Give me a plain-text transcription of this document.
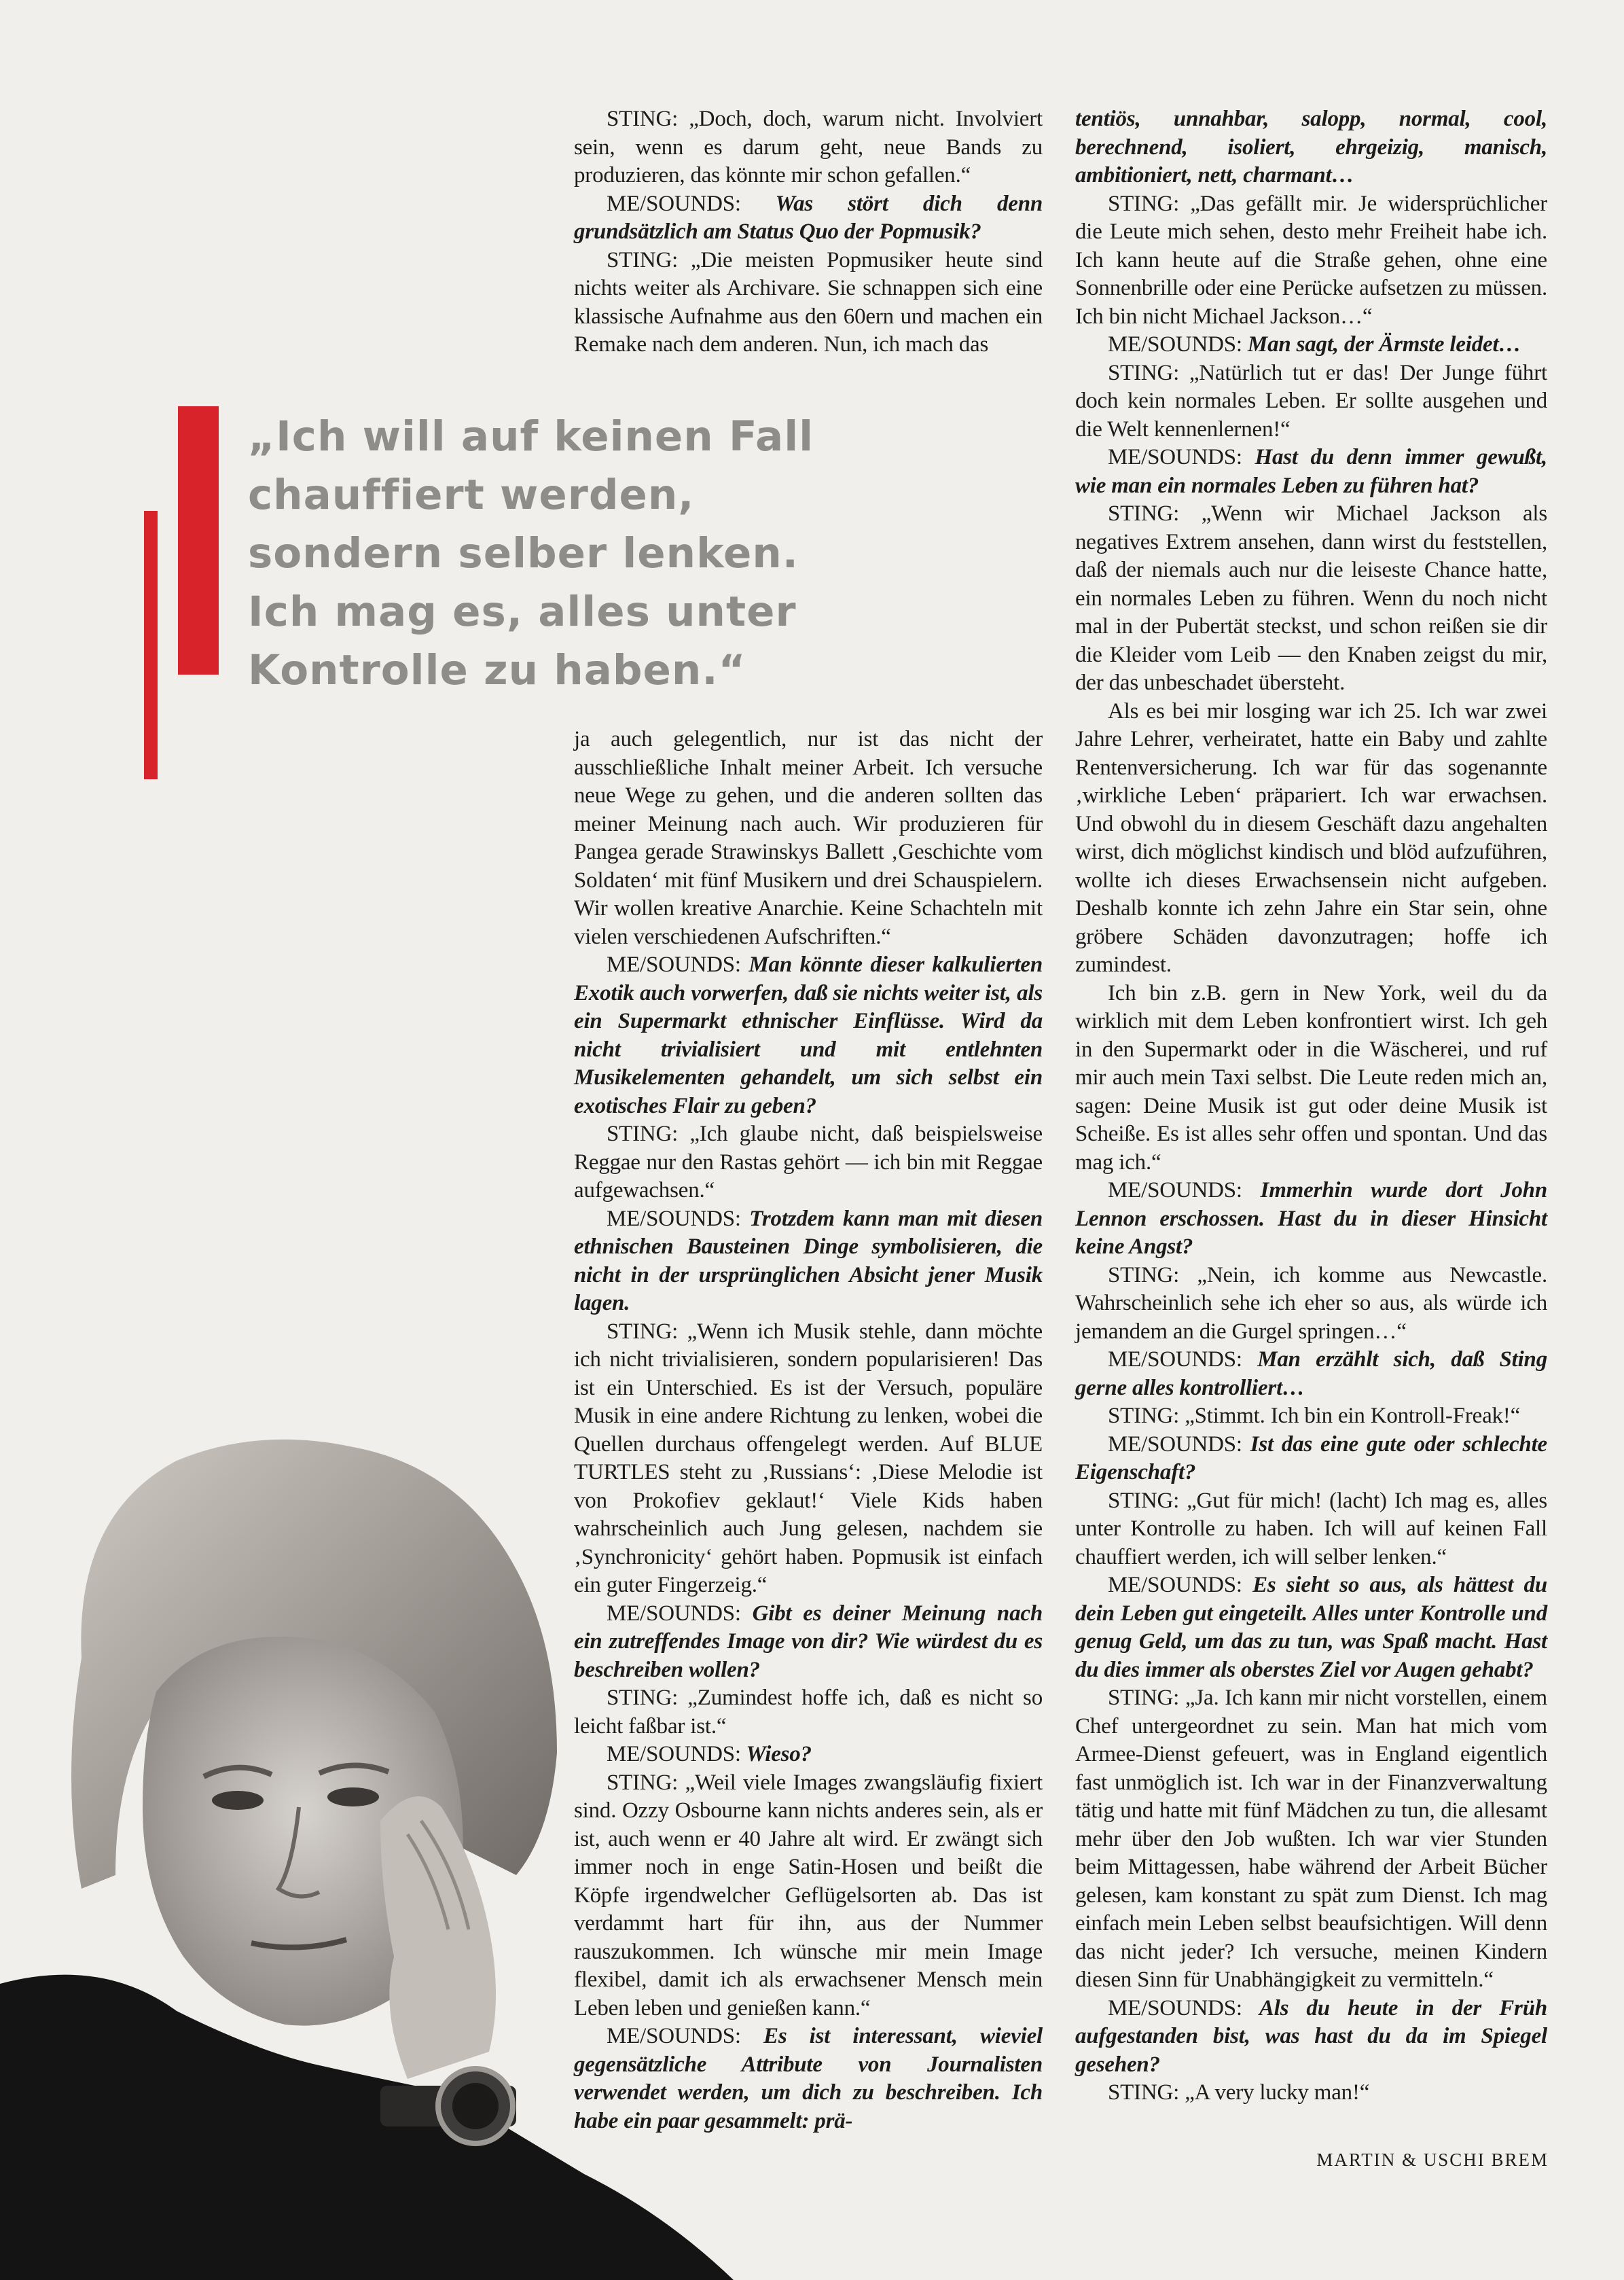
„Ich will auf keinen Fall
chauffiert werden,
sondern selber lenken.
Ich mag es, alles unter
Kontrolle zu haben.“

STING: „Doch, doch, warum nicht. Involviert sein, wenn es darum geht, neue Bands zu produzieren, das könnte mir schon gefallen.“

ME/SOUNDS: Was stört dich denn grundsätzlich am Status Quo der Popmusik?

STING: „Die meisten Popmusiker heute sind nichts weiter als Archivare. Sie schnappen sich eine klassische Aufnahme aus den 60ern und machen ein Remake nach dem anderen. Nun, ich mach das

ja auch gelegentlich, nur ist das nicht der ausschließliche Inhalt meiner Arbeit. Ich versuche neue Wege zu gehen, und die anderen sollten das meiner Meinung nach auch. Wir produzieren für Pangea gerade Strawinskys Ballett ‚Geschichte vom Soldaten‘ mit fünf Musikern und drei Schauspielern. Wir wollen kreative Anarchie. Keine Schachteln mit vielen verschiedenen Aufschriften.“

ME/SOUNDS: Man könnte dieser kalkulierten Exotik auch vorwerfen, daß sie nichts weiter ist, als ein Supermarkt ethnischer Einflüsse. Wird da nicht trivialisiert und mit entlehnten Musikelementen gehandelt, um sich selbst ein exotisches Flair zu geben?

STING: „Ich glaube nicht, daß beispielsweise Reggae nur den Rastas gehört — ich bin mit Reggae aufgewachsen.“

ME/SOUNDS: Trotzdem kann man mit diesen ethnischen Bausteinen Dinge symbolisieren, die nicht in der ursprünglichen Absicht jener Musik lagen.

STING: „Wenn ich Musik stehle, dann möchte ich nicht trivialisieren, sondern popularisieren! Das ist ein Unterschied. Es ist der Versuch, populäre Musik in eine andere Richtung zu lenken, wobei die Quellen durchaus offengelegt werden. Auf BLUE TURTLES steht zu ‚Russians‘: ‚Diese Melodie ist von Prokofiev geklaut!‘ Viele Kids haben wahrscheinlich auch Jung gelesen, nachdem sie ‚Synchronicity‘ gehört haben. Popmusik ist einfach ein guter Fingerzeig.“

ME/SOUNDS: Gibt es deiner Meinung nach ein zutreffendes Image von dir? Wie würdest du es beschreiben wollen?

STING: „Zumindest hoffe ich, daß es nicht so leicht faßbar ist.“

ME/SOUNDS: Wieso?

STING: „Weil viele Images zwangsläufig fixiert sind. Ozzy Osbourne kann nichts anderes sein, als er ist, auch wenn er 40 Jahre alt wird. Er zwängt sich immer noch in enge Satin-Hosen und beißt die Köpfe irgendwelcher Geflügelsorten ab. Das ist verdammt hart für ihn, aus der Nummer rauszukommen. Ich wünsche mir mein Image flexibel, damit ich als erwachsener Mensch mein Leben leben und genießen kann.“

ME/SOUNDS: Es ist interessant, wieviel gegensätzliche Attribute von Journalisten verwendet werden, um dich zu beschreiben. Ich habe ein paar gesammelt: prä-

tentiös, unnahbar, salopp, normal, cool, berechnend, isoliert, ehrgeizig, manisch, ambitioniert, nett, charmant…

STING: „Das gefällt mir. Je widersprüchlicher die Leute mich sehen, desto mehr Freiheit habe ich. Ich kann heute auf die Straße gehen, ohne eine Sonnenbrille oder eine Perücke aufsetzen zu müssen. Ich bin nicht Michael Jackson…“

ME/SOUNDS: Man sagt, der Ärmste leidet…

STING: „Natürlich tut er das! Der Junge führt doch kein normales Leben. Er sollte ausgehen und die Welt kennenlernen!“

ME/SOUNDS: Hast du denn immer gewußt, wie man ein normales Leben zu führen hat?

STING: „Wenn wir Michael Jackson als negatives Extrem ansehen, dann wirst du feststellen, daß der niemals auch nur die leiseste Chance hatte, ein normales Leben zu führen. Wenn du noch nicht mal in der Pubertät steckst, und schon reißen sie dir die Kleider vom Leib — den Knaben zeigst du mir, der das unbeschadet übersteht.

Als es bei mir losging war ich 25. Ich war zwei Jahre Lehrer, verheiratet, hatte ein Baby und zahlte Rentenversicherung. Ich war für das sogenannte ‚wirkliche Leben‘ präpariert. Ich war erwachsen. Und obwohl du in diesem Geschäft dazu angehalten wirst, dich möglichst kindisch und blöd aufzuführen, wollte ich dieses Erwachsensein nicht aufgeben. Deshalb konnte ich zehn Jahre ein Star sein, ohne gröbere Schäden davonzutragen; hoffe ich zumindest.

Ich bin z.B. gern in New York, weil du da wirklich mit dem Leben konfrontiert wirst. Ich geh in den Supermarkt oder in die Wäscherei, und ruf mir auch mein Taxi selbst. Die Leute reden mich an, sagen: Deine Musik ist gut oder deine Musik ist Scheiße. Es ist alles sehr offen und spontan. Und das mag ich.“

ME/SOUNDS: Immerhin wurde dort John Lennon erschossen. Hast du in dieser Hinsicht keine Angst?

STING: „Nein, ich komme aus Newcastle. Wahrscheinlich sehe ich eher so aus, als würde ich jemandem an die Gurgel springen…“

ME/SOUNDS: Man erzählt sich, daß Sting gerne alles kontrolliert…

STING: „Stimmt. Ich bin ein Kontroll-Freak!“

ME/SOUNDS: Ist das eine gute oder schlechte Eigenschaft?

STING: „Gut für mich! (lacht) Ich mag es, alles unter Kontrolle zu haben. Ich will auf keinen Fall chauffiert werden, ich will selber lenken.“

ME/SOUNDS: Es sieht so aus, als hättest du dein Leben gut eingeteilt. Alles unter Kontrolle und genug Geld, um das zu tun, was Spaß macht. Hast du dies immer als oberstes Ziel vor Augen gehabt?

STING: „Ja. Ich kann mir nicht vorstellen, einem Chef untergeordnet zu sein. Man hat mich vom Armee-Dienst gefeuert, was in England eigentlich fast unmöglich ist. Ich war in der Finanzverwaltung tätig und hatte mit fünf Mädchen zu tun, die allesamt mehr über den Job wußten. Ich war vier Stunden beim Mittagessen, habe während der Arbeit Bücher gelesen, kam konstant zu spät zum Dienst. Ich mag einfach mein Leben selbst beaufsichtigen. Will denn das nicht jeder? Ich versuche, meinen Kindern diesen Sinn für Unabhängigkeit zu vermitteln.“

ME/SOUNDS: Als du heute in der Früh aufgestanden bist, was hast du da im Spiegel gesehen?

STING: „A very lucky man!“

MARTIN & USCHI BREM
